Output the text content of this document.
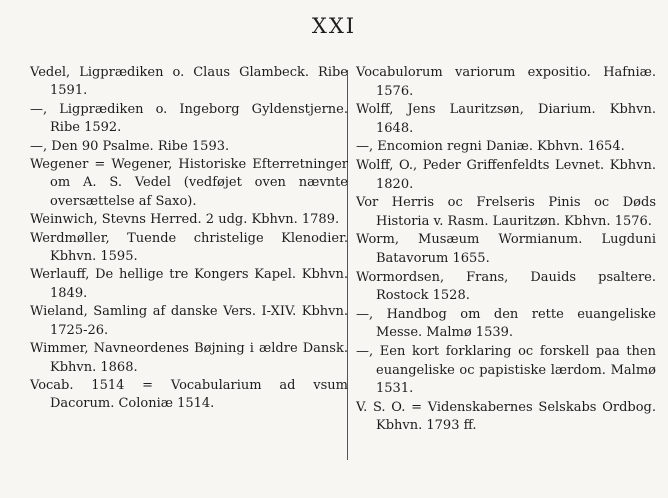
XXI

Vedel, Ligprædiken o. Claus Glambeck. Ribe 1591.

—, Ligprædiken o. Ingeborg Gyldenstjerne. Ribe 1592.

—, Den 90 Psalme. Ribe 1593.

Wegener = Wegener, Historiske Efterretninger om A. S. Vedel (vedføjet oven nævnte oversættelse af Saxo).

Weinwich, Stevns Herred. 2 udg. Kbhvn. 1789.

Werdmøller, Tuende christelige Klenodier. Kbhvn. 1595.

Werlauff, De hellige tre Kongers Kapel. Kbhvn. 1849.

Wieland, Samling af danske Vers. I-XIV. Kbhvn. 1725-26.

Wimmer, Navneordenes Bøjning i ældre Dansk. Kbhvn. 1868.

Vocab. 1514 = Vocabularium ad vsum Dacorum. Coloniæ 1514.

Vocabulorum variorum expositio. Hafniæ. 1576.

Wolff, Jens Lauritzsøn, Diarium. Kbhvn. 1648.

—, Encomion regni Daniæ. Kbhvn. 1654.

Wolff, O., Peder Griffenfeldts Levnet. Kbhvn. 1820.

Vor Herris oc Frelseris Pinis oc Døds Historia v. Rasm. Lauritzøn. Kbhvn. 1576.

Worm, Musæum Wormianum. Lugduni Batavorum 1655.

Wormordsen, Frans, Dauids psaltere. Rostock 1528.

—, Handbog om den rette euangeliske Messe. Malmø 1539.

—, Een kort forklaring oc forskell paa then euangeliske oc papistiske lærdom. Malmø 1531.

V. S. O. = Videnskabernes Selskabs Ordbog. Kbhvn. 1793 ff.
